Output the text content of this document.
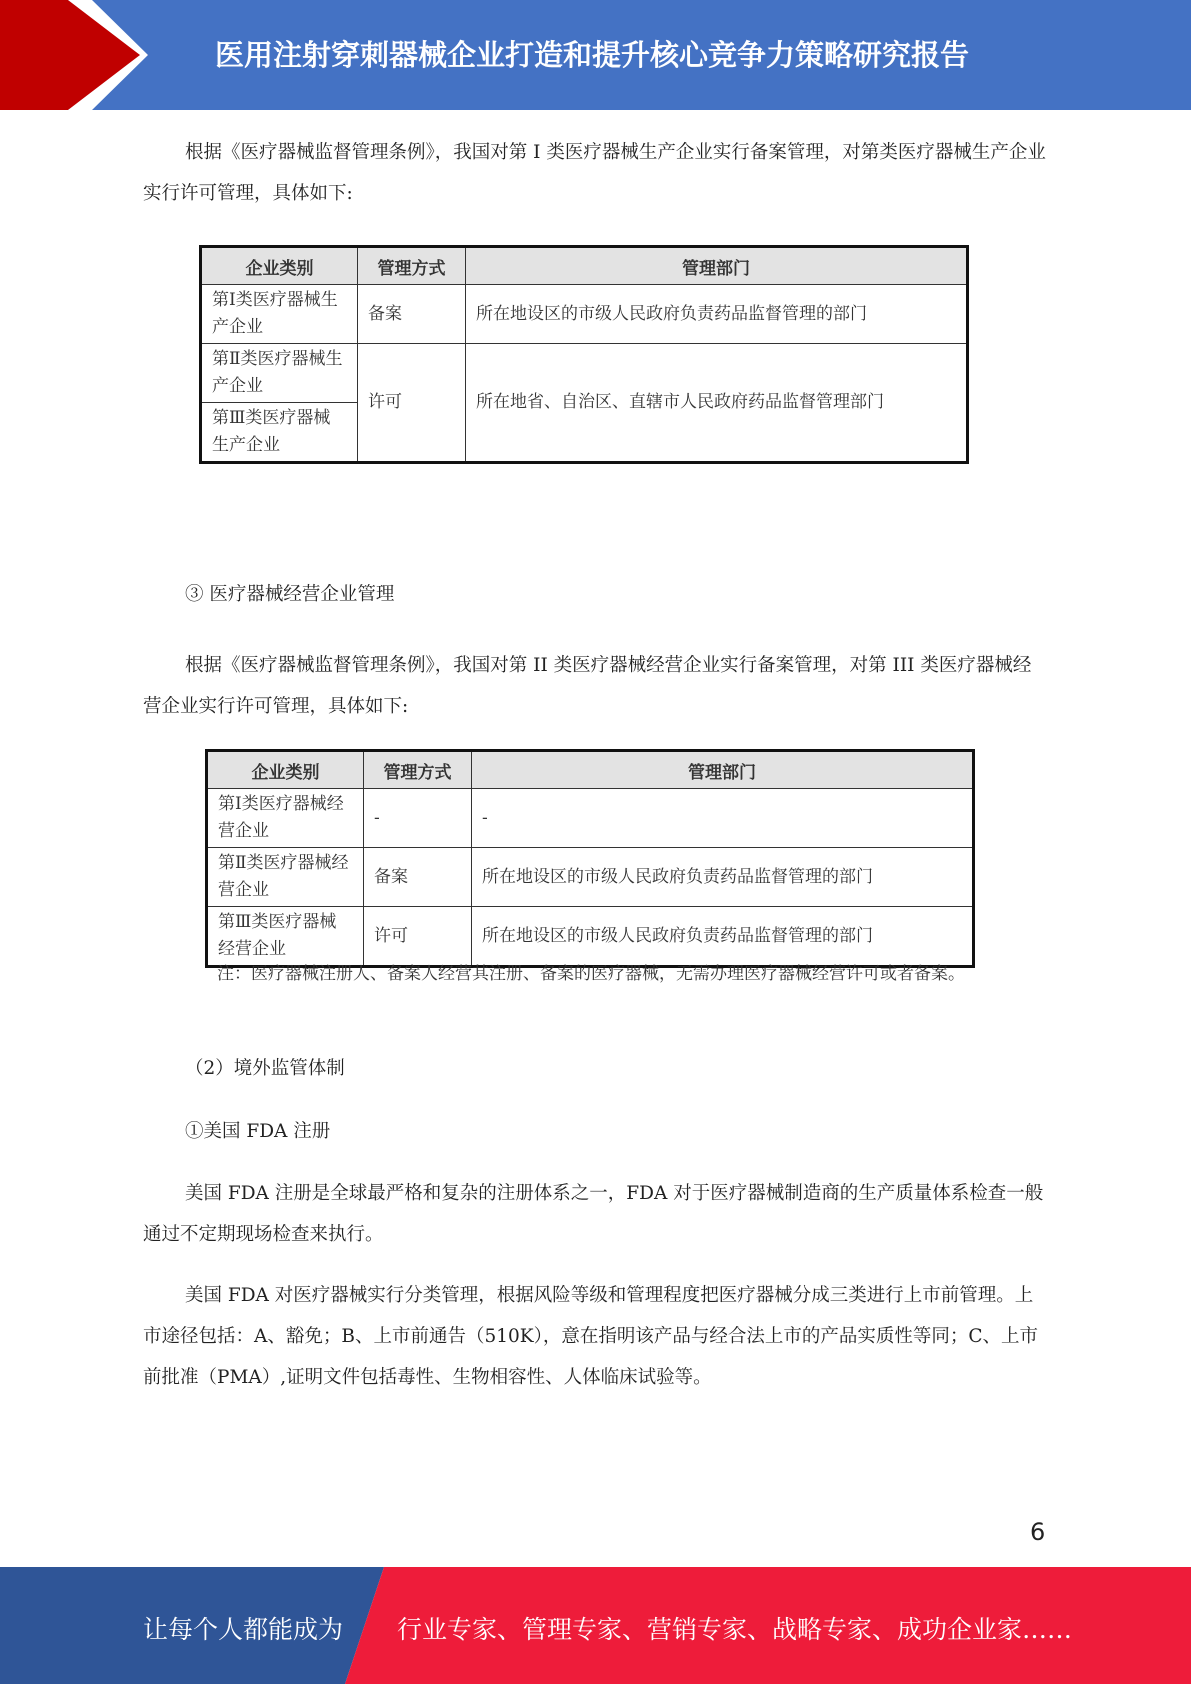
医用注射穿刺器械企业打造和提升核心竞争力策略研究报告

根据《医疗器械监督管理条例》，我国对第 I 类医疗器械生产企业实行备案管理，对第类医疗器械生产企业实行许可管理，具体如下:

企业类别	管理方式	管理部门
第Ⅰ类医疗器械生产企业	备案	所在地设区的市级人民政府负责药品监督管理的部门
第Ⅱ类医疗器械生产企业	许可	所在地省、自治区、直辖市人民政府药品监督管理部门
第Ⅲ类医疗器械生产企业		
③ 医疗器械经营企业管理

根据《医疗器械监督管理条例》，我国对第 II 类医疗器械经营企业实行备案管理，对第 III 类医疗器械经营企业实行许可管理，具体如下:

企业类别	管理方式	管理部门
第Ⅰ类医疗器械经营企业	-	-
第Ⅱ类医疗器械经营企业	备案	所在地设区的市级人民政府负责药品监督管理的部门
第Ⅲ类医疗器械经营企业	许可	所在地设区的市级人民政府负责药品监督管理的部门
注：医疗器械注册人、备案人经营其注册、备案的医疗器械，无需办理医疗器械经营许可或者备案。
（2）境外监管体制
①美国 FDA 注册

美国 FDA 注册是全球最严格和复杂的注册体系之一，FDA 对于医疗器械制造商的生产质量体系检查一般通过不定期现场检查来执行。

美国 FDA 对医疗器械实行分类管理，根据风险等级和管理程度把医疗器械分成三类进行上市前管理。上市途径包括：A、豁免；B、上市前通告（510K），意在指明该产品与经合法上市的产品实质性等同；C、上市前批准（PMA）,证明文件包括毒性、生物相容性、人体临床试验等。

6
让每个人都能成为 行业专家、管理专家、营销专家、战略专家、成功企业家……
